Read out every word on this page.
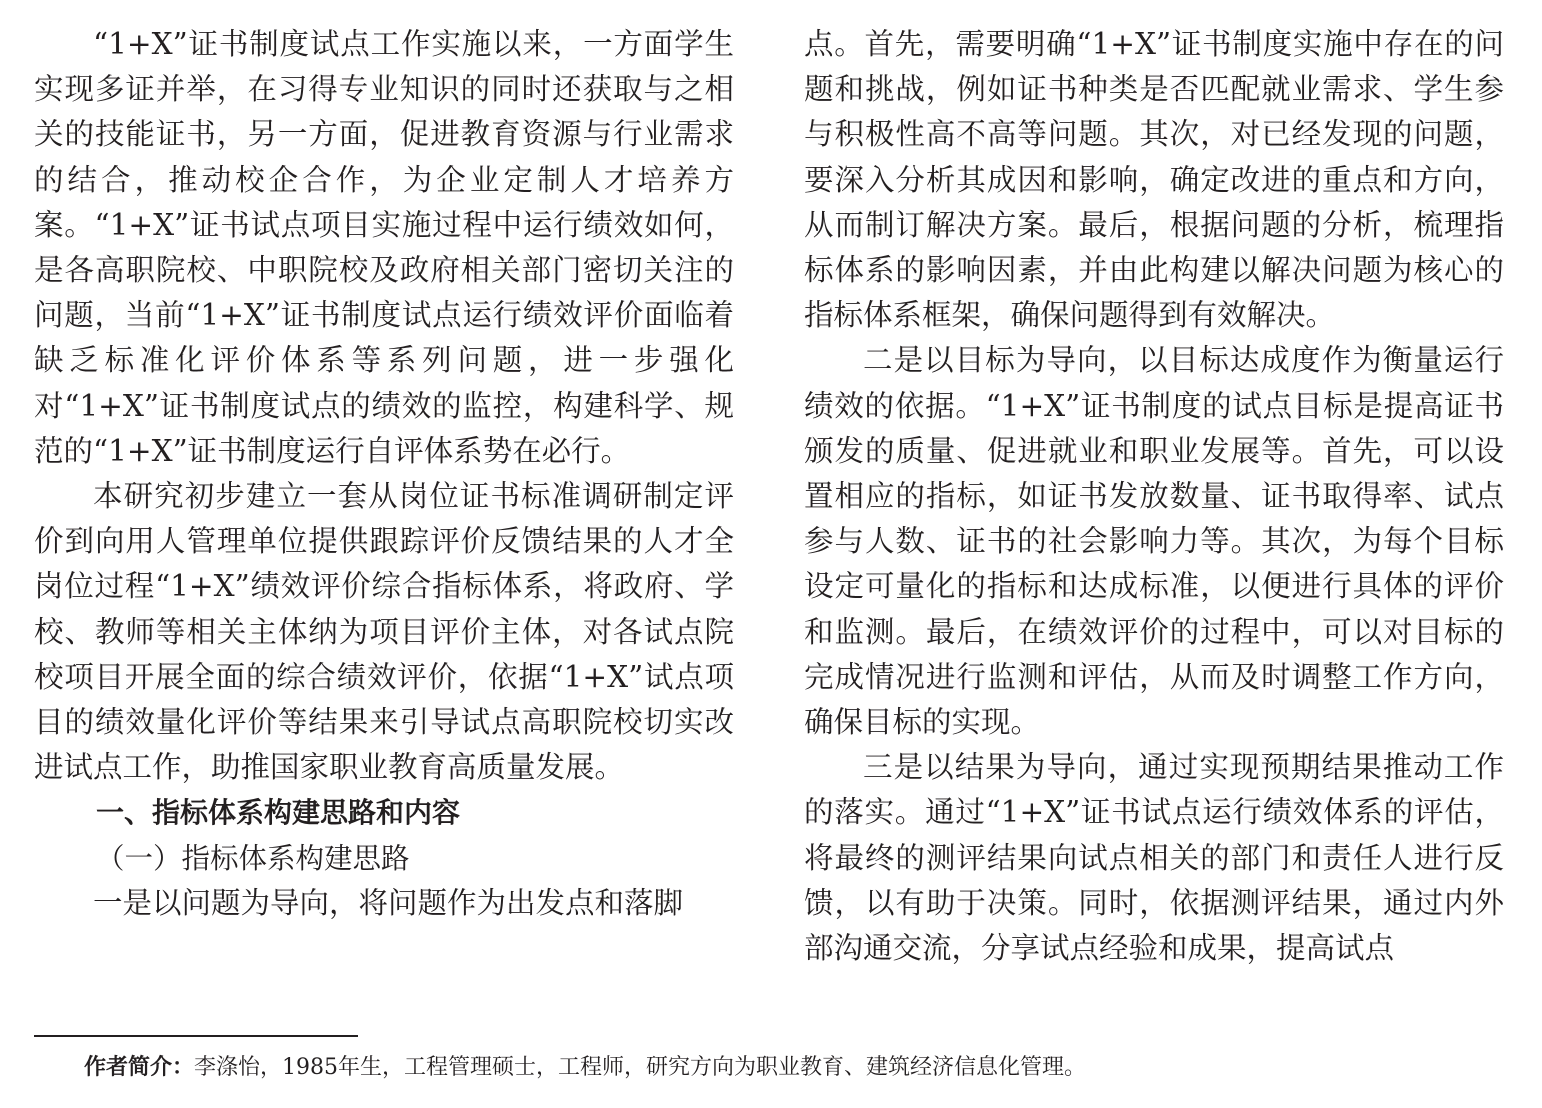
“1+X”证书制度试点工作实施以来，一方面学生实现多证并举，在习得专业知识的同时还获取与之相关的技能证书，另一方面，促进教育资源与行业需求的结合，推动校企合作，为企业定制人才培养方案。“1+X”证书试点项目实施过程中运行绩效如何，是各高职院校、中职院校及政府相关部门密切关注的问题，当前“1+X”证书制度试点运行绩效评价面临着缺乏标准化评价体系等系列问题，进一步强化对“1+X”证书制度试点的绩效的监控，构建科学、规范的“1+X”证书制度运行自评体系势在必行。

本研究初步建立一套从岗位证书标准调研制定评价到向用人管理单位提供跟踪评价反馈结果的人才全岗位过程“1+X”绩效评价综合指标体系，将政府、学校、教师等相关主体纳为项目评价主体，对各试点院校项目开展全面的综合绩效评价，依据“1+X”试点项目的绩效量化评价等结果来引导试点高职院校切实改进试点工作，助推国家职业教育高质量发展。

一、指标体系构建思路和内容
（一）指标体系构建思路

一是以问题为导向，将问题作为出发点和落脚

点。首先，需要明确“1+X”证书制度实施中存在的问题和挑战，例如证书种类是否匹配就业需求、学生参与积极性高不高等问题。其次，对已经发现的问题，要深入分析其成因和影响，确定改进的重点和方向，从而制订解决方案。最后，根据问题的分析，梳理指标体系的影响因素，并由此构建以解决问题为核心的指标体系框架，确保问题得到有效解决。

二是以目标为导向，以目标达成度作为衡量运行绩效的依据。“1+X”证书制度的试点目标是提高证书颁发的质量、促进就业和职业发展等。首先，可以设置相应的指标，如证书发放数量、证书取得率、试点参与人数、证书的社会影响力等。其次，为每个目标设定可量化的指标和达成标准，以便进行具体的评价和监测。最后，在绩效评价的过程中，可以对目标的完成情况进行监测和评估，从而及时调整工作方向，确保目标的实现。

三是以结果为导向，通过实现预期结果推动工作的落实。通过“1+X”证书试点运行绩效体系的评估，将最终的测评结果向试点相关的部门和责任人进行反馈，以有助于决策。同时，依据测评结果，通过内外部沟通交流，分享试点经验和成果，提高试点

作者简介：李涤怡，1985年生，工程管理硕士，工程师，研究方向为职业教育、建筑经济信息化管理。
